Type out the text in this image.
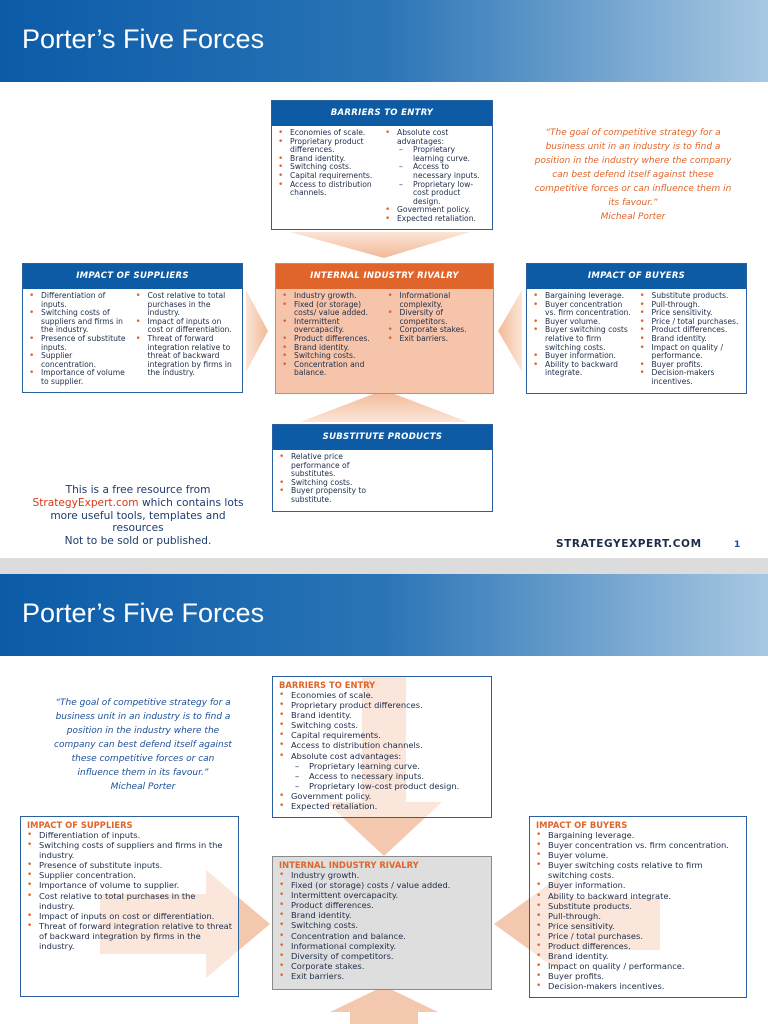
Porter’s Five Forces
BARRIERS TO ENTRY
• Economies of scale.
• Proprietary product differences.
• Brand identity.
• Switching costs.
• Capital requirements.
• Access to distribution channels.
• Absolute cost advantages:
– Proprietary learning curve.
– Access to necessary inputs.
– Proprietary low-cost product design.
• Government policy.
• Expected retaliation.
“The goal of competitive strategy for a business unit in an industry is to find a position in the industry where the company can best defend itself against these competitive forces or can influence them in its favour.”
Micheal Porter
IMPACT OF SUPPLIERS
• Differentiation of inputs.
• Switching costs of suppliers and firms in the industry.
• Presence of substitute inputs.
• Supplier concentration.
• Importance of volume to supplier.
• Cost relative to total purchases in the industry.
• Impact of inputs on cost or differentiation.
• Threat of forward integration relative to threat of backward integration by firms in the industry.
INTERNAL INDUSTRY RIVALRY
• Industry growth.
• Fixed (or storage) costs/ value added.
• Intermittent overcapacity.
• Product differences.
• Brand identity.
• Switching costs.
• Concentration and balance.
• Informational complexity.
• Diversity of competitors.
• Corporate stakes.
• Exit barriers.
IMPACT OF BUYERS
• Bargaining leverage.
• Buyer concentration vs. firm concentration.
• Buyer volume.
• Buyer switching costs relative to firm switching costs.
• Buyer information.
• Ability to backward integrate.
• Substitute products.
• Pull-through.
• Price sensitivity.
• Price / total purchases.
• Product differences.
• Brand identity.
• Impact on quality / performance.
• Buyer profits.
• Decision-makers incentives.
SUBSTITUTE PRODUCTS
• Relative price performance of substitutes.
• Switching costs.
• Buyer propensity to substitute.
This is a free resource from
StrategyExpert.com which contains lots more useful tools, templates and resources
Not to be sold or published.	STRATEGYEXPERT.COM	1
Porter’s Five Forces
“The goal of competitive strategy for a business unit in an industry is to find a position in the industry where the company can best defend itself against these competitive forces or can influence them in its favour.”
Micheal Porter
BARRIERS TO ENTRY
• Economies of scale.
• Proprietary product differences.
• Brand identity.
• Switching costs.
• Capital requirements.
• Access to distribution channels.
• Absolute cost advantages:
– Proprietary learning curve.
– Access to necessary inputs.
– Proprietary low-cost product design.
• Government policy.
• Expected retaliation.
IMPACT OF SUPPLIERS
• Differentiation of inputs.
• Switching costs of suppliers and firms in the industry.
• Presence of substitute inputs.
• Supplier concentration.
• Importance of volume to supplier.
• Cost relative to total purchases in the industry.
• Impact of inputs on cost or differentiation.
• Threat of forward integration relative to threat of backward integration by firms in the industry.
INTERNAL INDUSTRY RIVALRY
• Industry growth.
• Fixed (or storage) costs / value added.
• Intermittent overcapacity.
• Product differences.
• Brand identity.
• Switching costs.
• Concentration and balance.
• Informational complexity.
• Diversity of competitors.
• Corporate stakes.
• Exit barriers.
IMPACT OF BUYERS
• Bargaining leverage.
• Buyer concentration vs. firm concentration.
• Buyer volume.
• Buyer switching costs relative to firm switching costs.
• Buyer information.
• Ability to backward integrate.
• Substitute products.
• Pull-through.
• Price sensitivity.
• Price / total purchases.
• Product differences.
• Brand identity.
• Impact on quality / performance.
• Buyer profits.
• Decision-makers incentives.
